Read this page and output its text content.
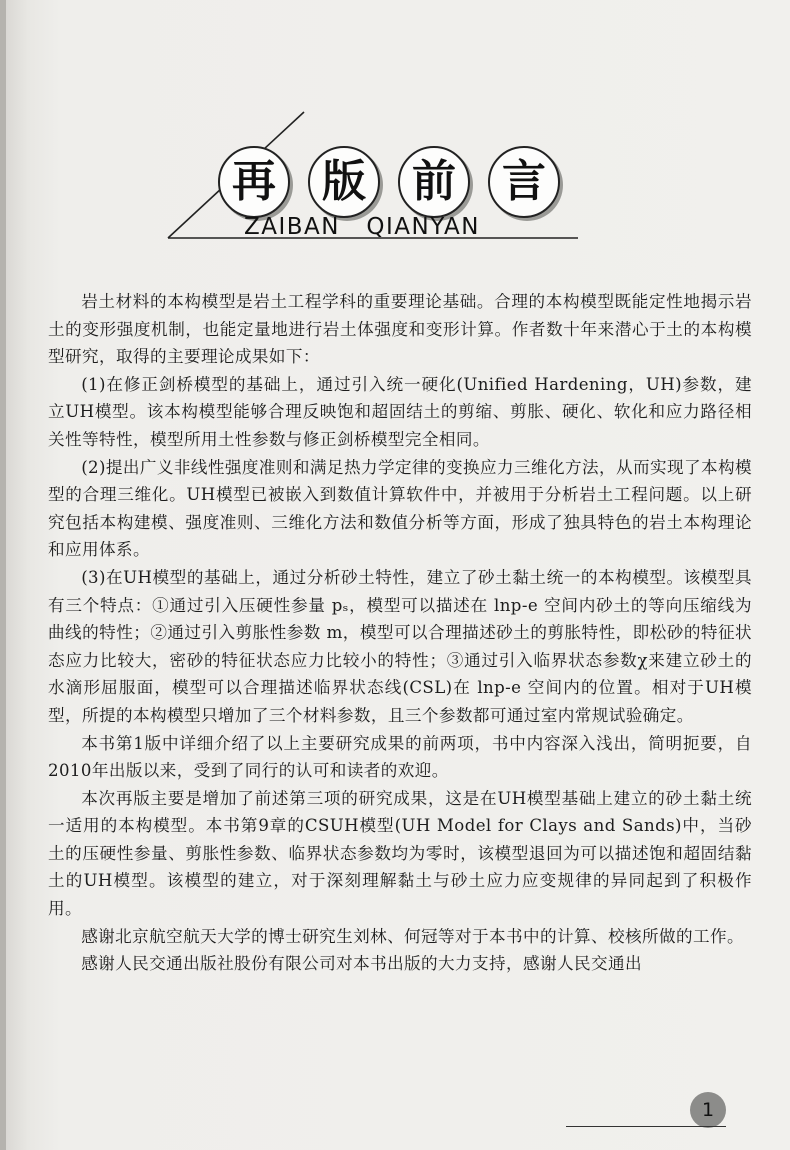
再	版	前	言
ZAIBAN   QIANYAN

岩土材料的本构模型是岩土工程学科的重要理论基础。合理的本构模型既能定性地揭示岩土的变形强度机制，也能定量地进行岩土体强度和变形计算。作者数十年来潜心于土的本构模型研究，取得的主要理论成果如下：

(1)在修正剑桥模型的基础上，通过引入统一硬化(Unified Hardening，UH)参数，建立UH模型。该本构模型能够合理反映饱和超固结土的剪缩、剪胀、硬化、软化和应力路径相关性等特性，模型所用土性参数与修正剑桥模型完全相同。

(2)提出广义非线性强度准则和满足热力学定律的变换应力三维化方法，从而实现了本构模型的合理三维化。UH模型已被嵌入到数值计算软件中，并被用于分析岩土工程问题。以上研究包括本构建模、强度准则、三维化方法和数值分析等方面，形成了独具特色的岩土本构理论和应用体系。

(3)在UH模型的基础上，通过分析砂土特性，建立了砂土黏土统一的本构模型。该模型具有三个特点：①通过引入压硬性参量 pₛ，模型可以描述在 lnp-e 空间内砂土的等向压缩线为曲线的特性；②通过引入剪胀性参数 m，模型可以合理描述砂土的剪胀特性，即松砂的特征状态应力比较大，密砂的特征状态应力比较小的特性；③通过引入临界状态参数χ来建立砂土的水滴形屈服面，模型可以合理描述临界状态线(CSL)在 lnp-e 空间内的位置。相对于UH模型，所提的本构模型只增加了三个材料参数，且三个参数都可通过室内常规试验确定。

本书第1版中详细介绍了以上主要研究成果的前两项，书中内容深入浅出，简明扼要，自2010年出版以来，受到了同行的认可和读者的欢迎。

本次再版主要是增加了前述第三项的研究成果，这是在UH模型基础上建立的砂土黏土统一适用的本构模型。本书第9章的CSUH模型(UH Model for Clays and Sands)中，当砂土的压硬性参量、剪胀性参数、临界状态参数均为零时，该模型退回为可以描述饱和超固结黏土的UH模型。该模型的建立，对于深刻理解黏土与砂土应力应变规律的异同起到了积极作用。

感谢北京航空航天大学的博士研究生刘林、何冠等对于本书中的计算、校核所做的工作。

感谢人民交通出版社股份有限公司对本书出版的大力支持，感谢人民交通出

1
